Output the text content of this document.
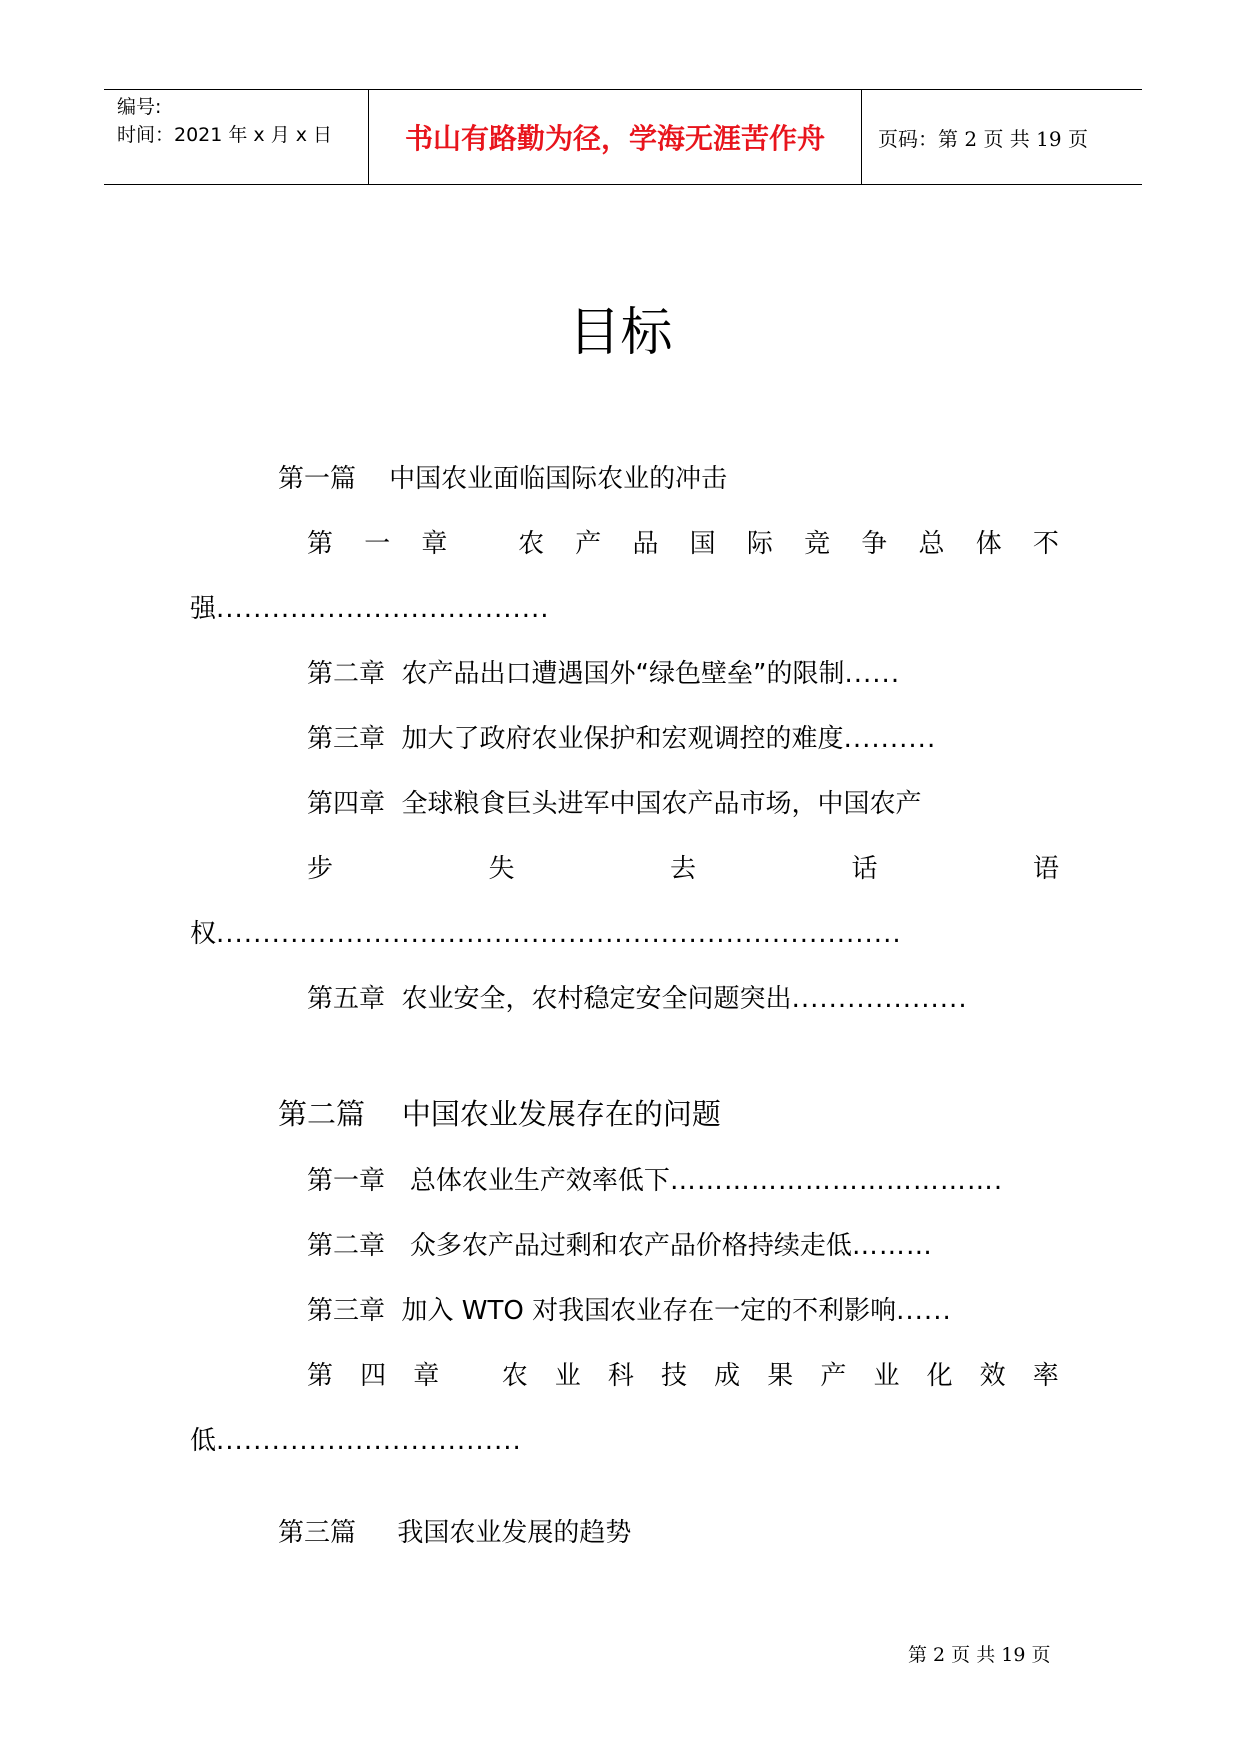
编号:
时间：2021 年 x 月 x 日	书山有路勤为径，学海无涯苦作舟	页码：第 2 页 共 19 页
目标
第一篇 中国农业面临国际农业的冲击
第 一 章
	农 产 品 国 际 竞 争 总 体 不
强....................................
第二章 农产品出口遭遇国外“绿色壁垒”的限制......
第三章 加大了政府农业保护和宏观调控的难度..........
第四章 全球粮食巨头进军中国农产品市场，中国农产
步	失	去	话	语
权..........................................................................
第五章 农业安全，农村稳定安全问题突出...................
第二篇 中国农业发展存在的问题
第一章 总体农业生产效率低下……………………………….
第二章 众多农产品过剩和农产品价格持续走低………
第三章 加入 WTO 对我国农业存在一定的不利影响......
第 四 章
农 业 科 技 成 果 产 业 化 效 率
低.................................
第三篇 我国农业发展的趋势
第 2 页 共 19 页
